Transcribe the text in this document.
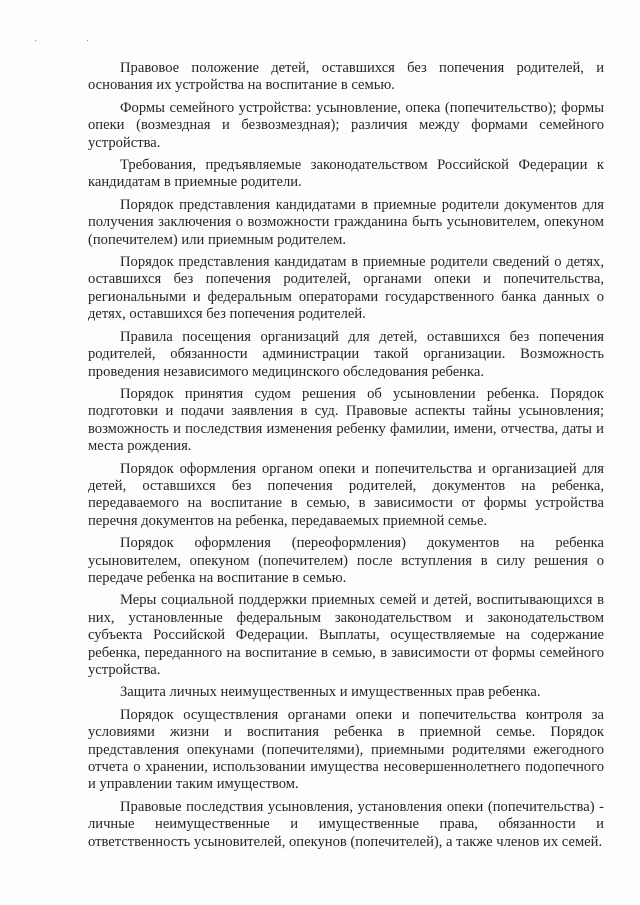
·	·

Правовое положение детей, оставшихся без попечения родителей, и основания их устройства на воспитание в семью.

Формы семейного устройства: усыновление, опека (попечительство); формы опеки (возмездная и безвозмездная); различия между формами семейного устройства.

Требования, предъявляемые законодательством Российской Федерации к кандидатам в приемные родители.

Порядок представления кандидатами в приемные родители документов для получения заключения о возможности гражданина быть усыновителем, опекуном (попечителем) или приемным родителем.

Порядок представления кандидатам в приемные родители сведений о детях, оставшихся без попечения родителей, органами опеки и попечительства, региональными и федеральным операторами государственного банка данных о детях, оставшихся без попечения родителей.

Правила посещения организаций для детей, оставшихся без попечения родителей, обязанности администрации такой организации. Возможность проведения независимого медицинского обследования ребенка.

Порядок принятия судом решения об усыновлении ребенка. Порядок подготовки и подачи заявления в суд. Правовые аспекты тайны усыновления; возможность и последствия изменения ребенку фамилии, имени, отчества, даты и места рождения.

Порядок оформления органом опеки и попечительства и организацией для детей, оставшихся без попечения родителей, документов на ребенка, передаваемого на воспитание в семью, в зависимости от формы устройства перечня документов на ребенка, передаваемых приемной семье.

Порядок оформления (переоформления) документов на ребенка усыновителем, опекуном (попечителем) после вступления в силу решения о передаче ребенка на воспитание в семью.

Меры социальной поддержки приемных семей и детей, воспитывающихся в них, установленные федеральным законодательством и законодательством субъекта Российской Федерации. Выплаты, осуществляемые на содержание ребенка, переданного на воспитание в семью, в зависимости от формы семейного устройства.

Защита личных неимущественных и имущественных прав ребенка.

Порядок осуществления органами опеки и попечительства контроля за условиями жизни и воспитания ребенка в приемной семье. Порядок представления опекунами (попечителями), приемными родителями ежегодного отчета о хранении, использовании имущества несовершеннолетнего подопечного и управлении таким имуществом.

Правовые последствия усыновления, установления опеки (попечительства) - личные неимущественные и имущественные права, обязанности и ответственность усыновителей, опекунов (попечителей), а также членов их семей.
